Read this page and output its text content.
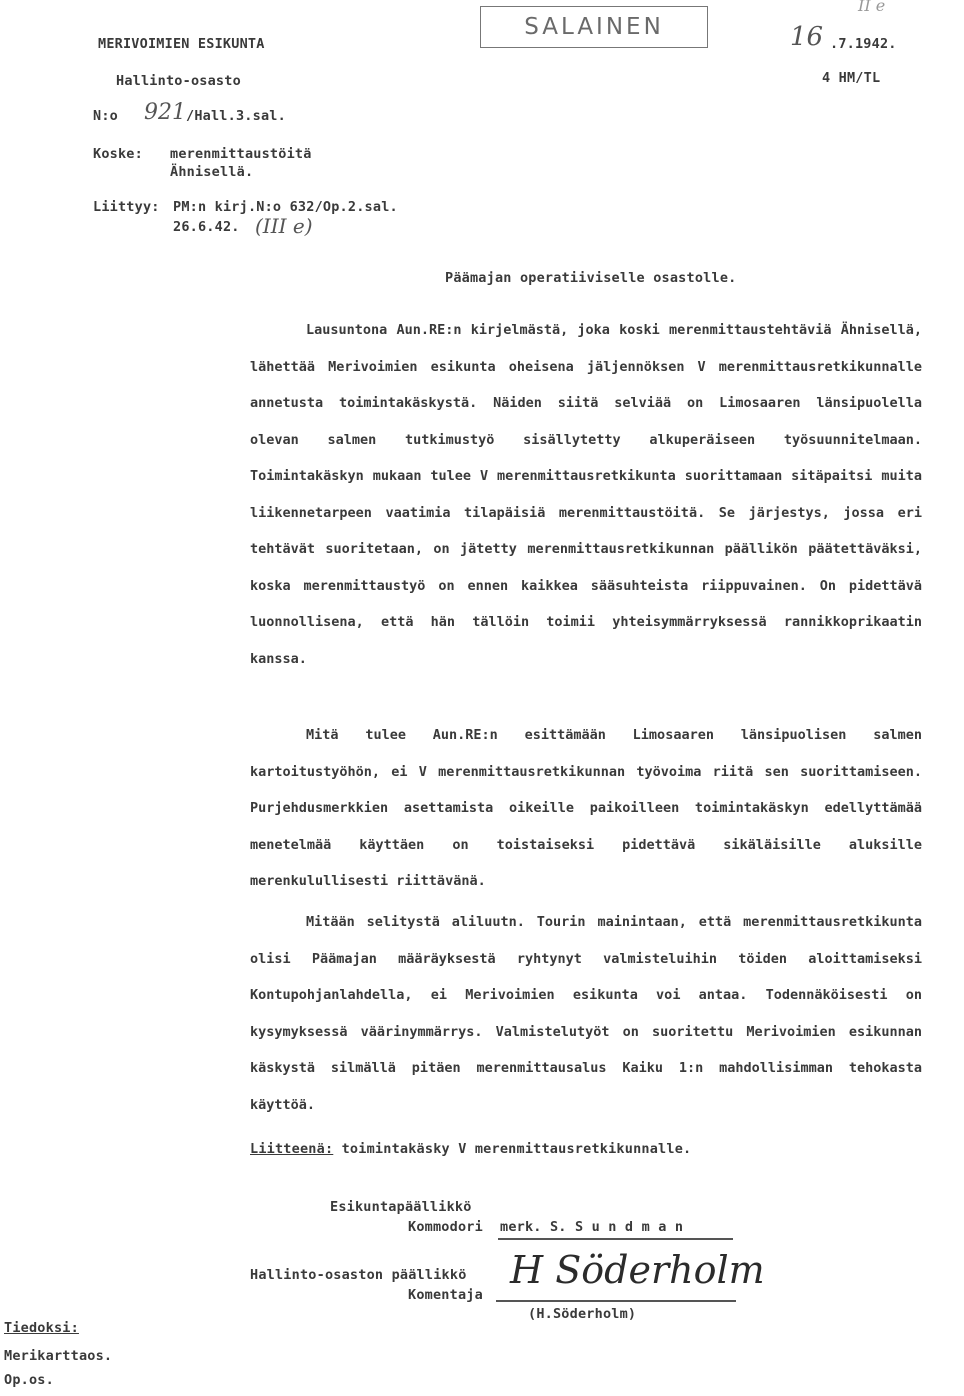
MERIVOIMIEN ESIKUNTA
Hallinto-osasto
N:o 921 /Hall.3.sal.
Koske: merenmittaustöitä
Ähnisellä.
Liittyy: PM:n kirj.N:o 632/Op.2.sal.
26.6.42. (III e)
SALAINEN	16 .7.1942.
4 HM/TL
II e
Päämajan operatiiviselle osastolle.

Lausuntona Aun.RE:n kirjelmästä, joka koski merenmittaustehtäviä Ähnisellä, lähettää Merivoimien esikunta oheisena jäljennöksen V merenmittausretkikunnalle annetusta toimintakäskystä. Näiden siitä selviää on Limosaaren länsipuolella olevan salmen tutkimustyö sisällytetty alkuperäiseen työsuunnitelmaan. Toimintakäskyn mukaan tulee V merenmittausretkikunta suorittamaan sitäpaitsi muita liikennetarpeen vaatimia tilapäisiä merenmittaustöitä. Se järjestys, jossa eri tehtävät suoritetaan, on jätetty merenmittausretkikunnan päällikön päätettäväksi, koska merenmittaustyö on ennen kaikkea sääsuhteista riippuvainen. On pidettävä luonnollisena, että hän tällöin toimii yhteisymmärryksessä rannikkoprikaatin kanssa.

Mitä tulee Aun.RE:n esittämään Limosaaren länsipuolisen salmen kartoitustyöhön, ei V merenmittausretkikunnan työvoima riitä sen suorittamiseen. Purjehdusmerkkien asettamista oikeille paikoilleen toimintakäskyn edellyttämää menetelmää käyttäen on toistaiseksi pidettävä sikäläisille aluksille merenkulullisesti riittävänä.

Mitään selitystä aliluutn. Tourin mainintaan, että merenmittausretkikunta olisi Päämajan määräyksestä ryhtynyt valmisteluihin töiden aloittamiseksi Kontupohjanlahdella, ei Merivoimien esikunta voi antaa. Todennäköisesti on kysymyksessä väärinymmärrys. Valmistelutyöt on suoritettu Merivoimien esikunnan käskystä silmällä pitäen merenmittausalus Kaiku 1:n mahdollisimman tehokasta käyttöä.

Liitteenä: toimintakäsky V merenmittausretkikunnalle.
Esikuntapäällikkö
Kommodori merk. S. S u n d m a n
Hallinto-osaston päällikkö
Komentaja
H Söderholm
(H.Söderholm)
Tiedoksi:
Merikarttaos.
Op.os.
